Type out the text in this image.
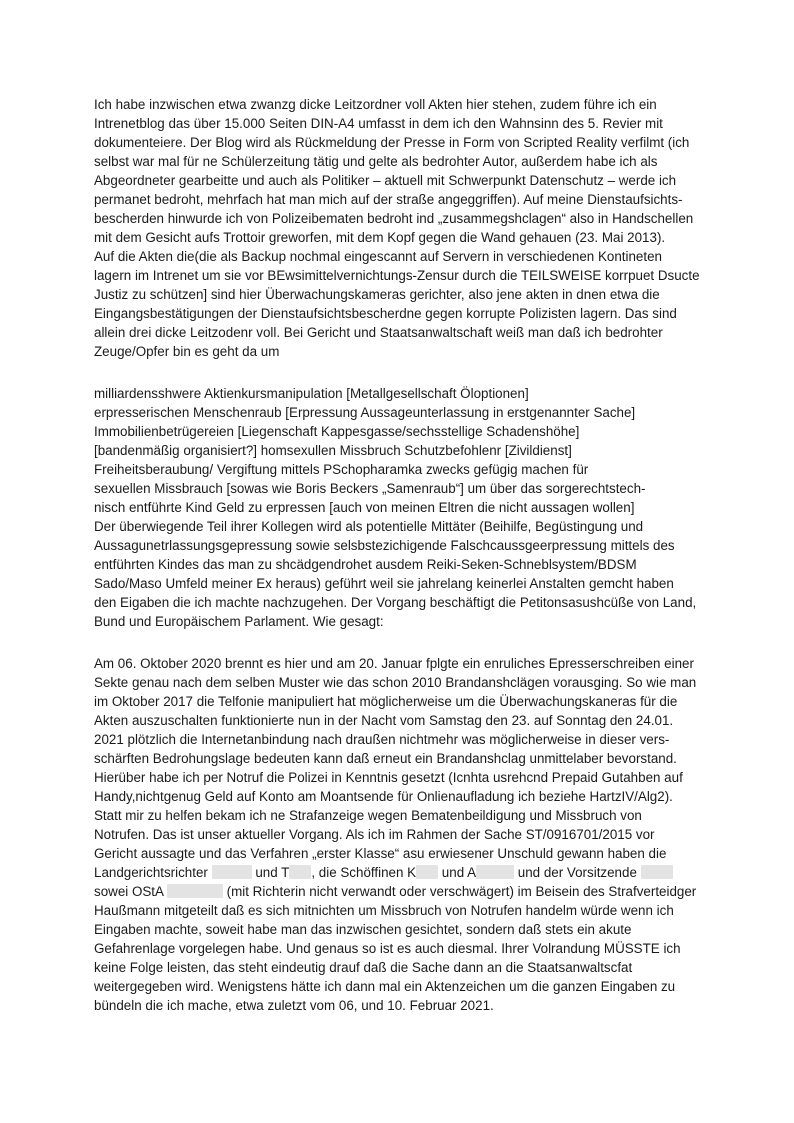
Ich habe inzwischen etwa zwanzg dicke Leitzordner voll Akten hier stehen, zudem führe ich ein
Intrenetblog das über 15.000 Seiten DIN-A4 umfasst in dem ich den Wahnsinn des 5. Revier mit
dokumenteiere. Der Blog wird als Rückmeldung der Presse in Form von Scripted Reality verfilmt (ich
selbst war mal für ne Schülerzeitung tätig und gelte als bedrohter Autor, außerdem habe ich als
Abgeordneter gearbeitte und auch als Politiker – aktuell mit Schwerpunkt Datenschutz – werde ich
permanet bedroht, mehrfach hat man mich auf der straße angeggriffen). Auf meine Dienstaufsichts-
bescherden hinwurde ich von Polizeibematen bedroht ind „zusammegshclagen“ also in Handschellen
mit dem Gesicht aufs Trottoir greworfen, mit dem Kopf gegen die Wand gehauen (23. Mai 2013).
Auf die Akten die(die als Backup nochmal eingescannt auf Servern in verschiedenen Kontineten
lagern im Intrenet um sie vor BEwsimittelvernichtungs-Zensur durch die TEILSWEISE korrpuet Dsucte
Justiz zu schützen] sind hier Überwachungskameras gerichter, also jene akten in dnen etwa die
Eingangsbestätigungen der Dienstaufsichtsbescherdne gegen korrupte Polizisten lagern. Das sind
allein drei dicke Leitzodenr voll. Bei Gericht und Staatsanwaltschaft weiß man daß ich bedrohter
Zeuge/Opfer bin es geht da um
milliardensshwere Aktienkursmanipulation [Metallgesellschaft Öloptionen]
erpresserischen Menschenraub [Erpressung Aussageunterlassung in erstgenannter Sache]
Immobilienbetrügereien [Liegenschaft Kappesgasse/sechsstellige Schadenshöhe]
[bandenmäßig organisiert?] homsexullen Missbruch Schutzbefohlenr [Zivildienst]
Freiheitsberaubung/ Vergiftung mittels PSchopharamka zwecks gefügig machen für
sexuellen Missbrauch [sowas wie Boris Beckers „Samenraub“] um über das sorgerechtstech-
nisch entführte Kind Geld zu erpressen [auch von meinen Eltren die nicht aussagen wollen]
Der überwiegende Teil ihrer Kollegen wird als potentielle Mittäter (Beihilfe, Begüstingung und
Aussagunetrlassungsgepressung sowie selsbstezichigende Falschcaussgeerpressung mittels des
entführten Kindes das man zu shcädgendrohet ausdem Reiki-Seken-Schneblsystem/BDSM
Sado/Maso Umfeld meiner Ex heraus) geführt weil sie jahrelang keinerlei Anstalten gemcht haben
den Eigaben die ich machte nachzugehen. Der Vorgang beschäftigt die Petitonsasushcüße von Land,
Bund und Europäischem Parlament. Wie gesagt:
Am 06. Oktober 2020 brennt es hier und am 20. Januar fplgte ein enruliches Epresserschreiben einer
Sekte genau nach dem selben Muster wie das schon 2010 Brandanshclägen vorausging. So wie man
im Oktober 2017 die Telfonie manipuliert hat möglicherweise um die Überwachungskaneras für die
Akten auszuschalten funktionierte nun in der Nacht vom Samstag den 23. auf Sonntag den 24.01.
2021 plötzlich die Internetanbindung nach draußen nichtmehr was möglicherweise in dieser vers-
schärften Bedrohungslage bedeuten kann daß erneut ein Brandanshclag unmittelaber bevorstand.
Hierüber habe ich per Notruf die Polizei in Kenntnis gesetzt (Icnhta usrehcnd Prepaid Gutahben auf
Handy,nichtgenug Geld auf Konto am Moantsende für Onlienaufladung ich beziehe HartzIV/Alg2).
Statt mir zu helfen bekam ich ne Strafanzeige wegen Bematenbeildigung und Missbruch von
Notrufen. Das ist unser aktueller Vorgang. Als ich im Rahmen der Sache ST/0916701/2015 vor
Gericht aussagte und das Verfahren „erster Klasse“ asu erwiesener Unschuld gewann haben die
Landgerichtsrichter	und T , die Schöffinen K und A	und der Vorsitzende
sowei OStA	(mit Richterin nicht verwandt oder verschwägert) im Beisein des Strafverteidger
Haußmann mitgeteilt daß es sich mitnichten um Missbruch von Notrufen handelm würde wenn ich
Eingaben machte, soweit habe man das inzwischen gesichtet, sondern daß stets ein akute
Gefahrenlage vorgelegen habe. Und genaus so ist es auch diesmal. Ihrer Volrandung MÜSSTE ich
keine Folge leisten, das steht eindeutig drauf daß die Sache dann an die Staatsanwaltscfat
weitergegeben wird. Wenigstens hätte ich dann mal ein Aktenzeichen um die ganzen Eingaben zu
bündeln die ich mache, etwa zuletzt vom 06, und 10. Februar 2021.
